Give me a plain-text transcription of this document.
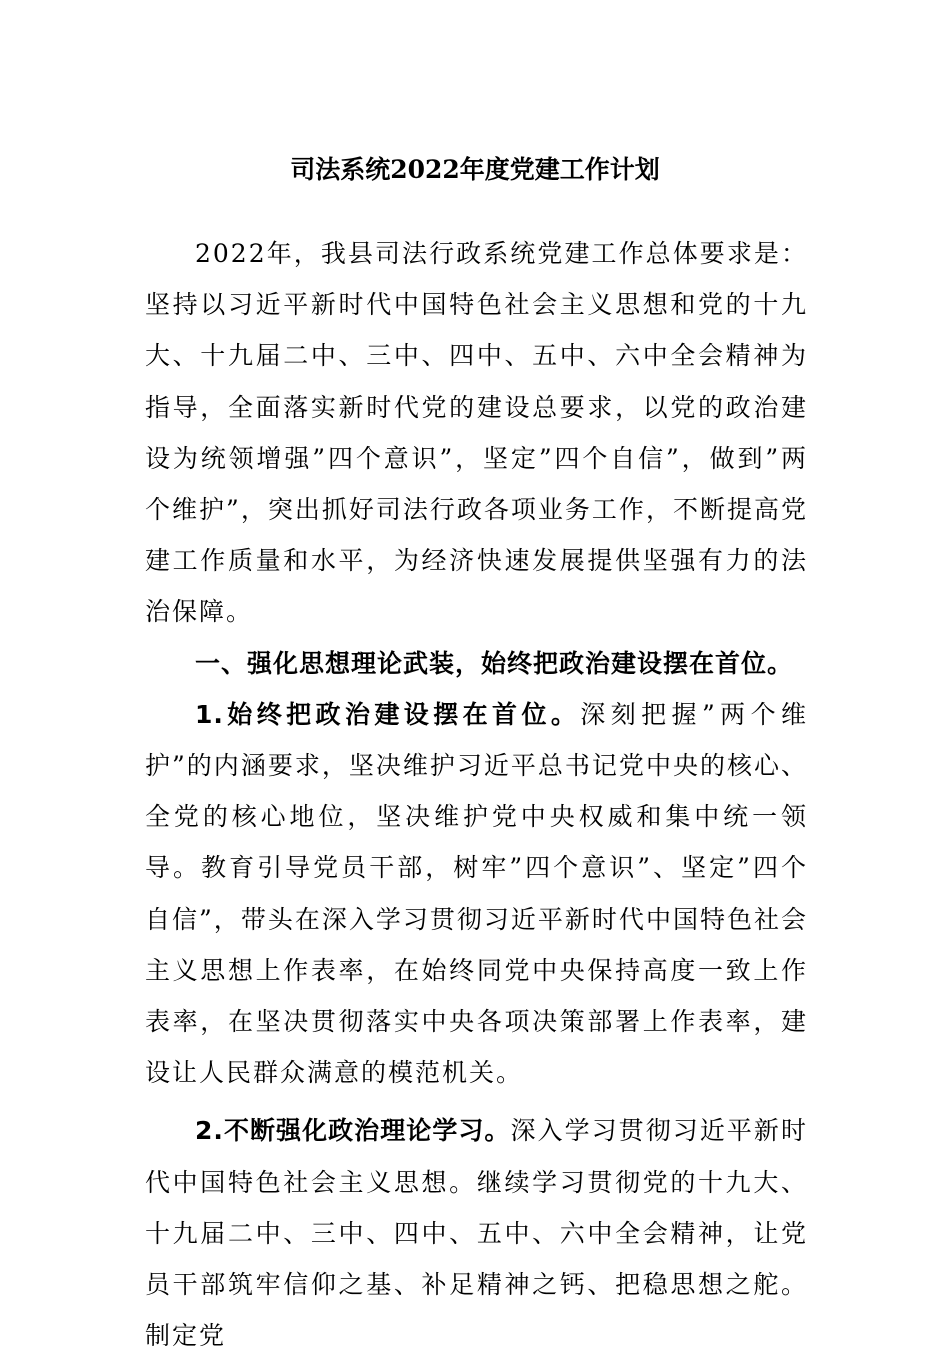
司法系统2022年度党建工作计划

2022年，我县司法行政系统党建工作总体要求是：坚持以习近平新时代中国特色社会主义思想和党的十九大、十九届二中、三中、四中、五中、六中全会精神为指导，全面落实新时代党的建设总要求，以党的政治建设为统领增强”四个意识”，坚定”四个自信”，做到”两个维护”，突出抓好司法行政各项业务工作，不断提高党建工作质量和水平，为经济快速发展提供坚强有力的法治保障。

一、强化思想理论武装，始终把政治建设摆在首位。

1.始终把政治建设摆在首位。深刻把握”两个维护”的内涵要求，坚决维护习近平总书记党中央的核心、全党的核心地位，坚决维护党中央权威和集中统一领导。教育引导党员干部，树牢”四个意识”、坚定”四个自信”，带头在深入学习贯彻习近平新时代中国特色社会主义思想上作表率，在始终同党中央保持高度一致上作表率，在坚决贯彻落实中央各项决策部署上作表率，建设让人民群众满意的模范机关。

2.不断强化政治理论学习。深入学习贯彻习近平新时代中国特色社会主义思想。继续学习贯彻党的十九大、十九届二中、三中、四中、五中、六中全会精神，让党员干部筑牢信仰之基、补足精神之钙、把稳思想之舵。制定党
